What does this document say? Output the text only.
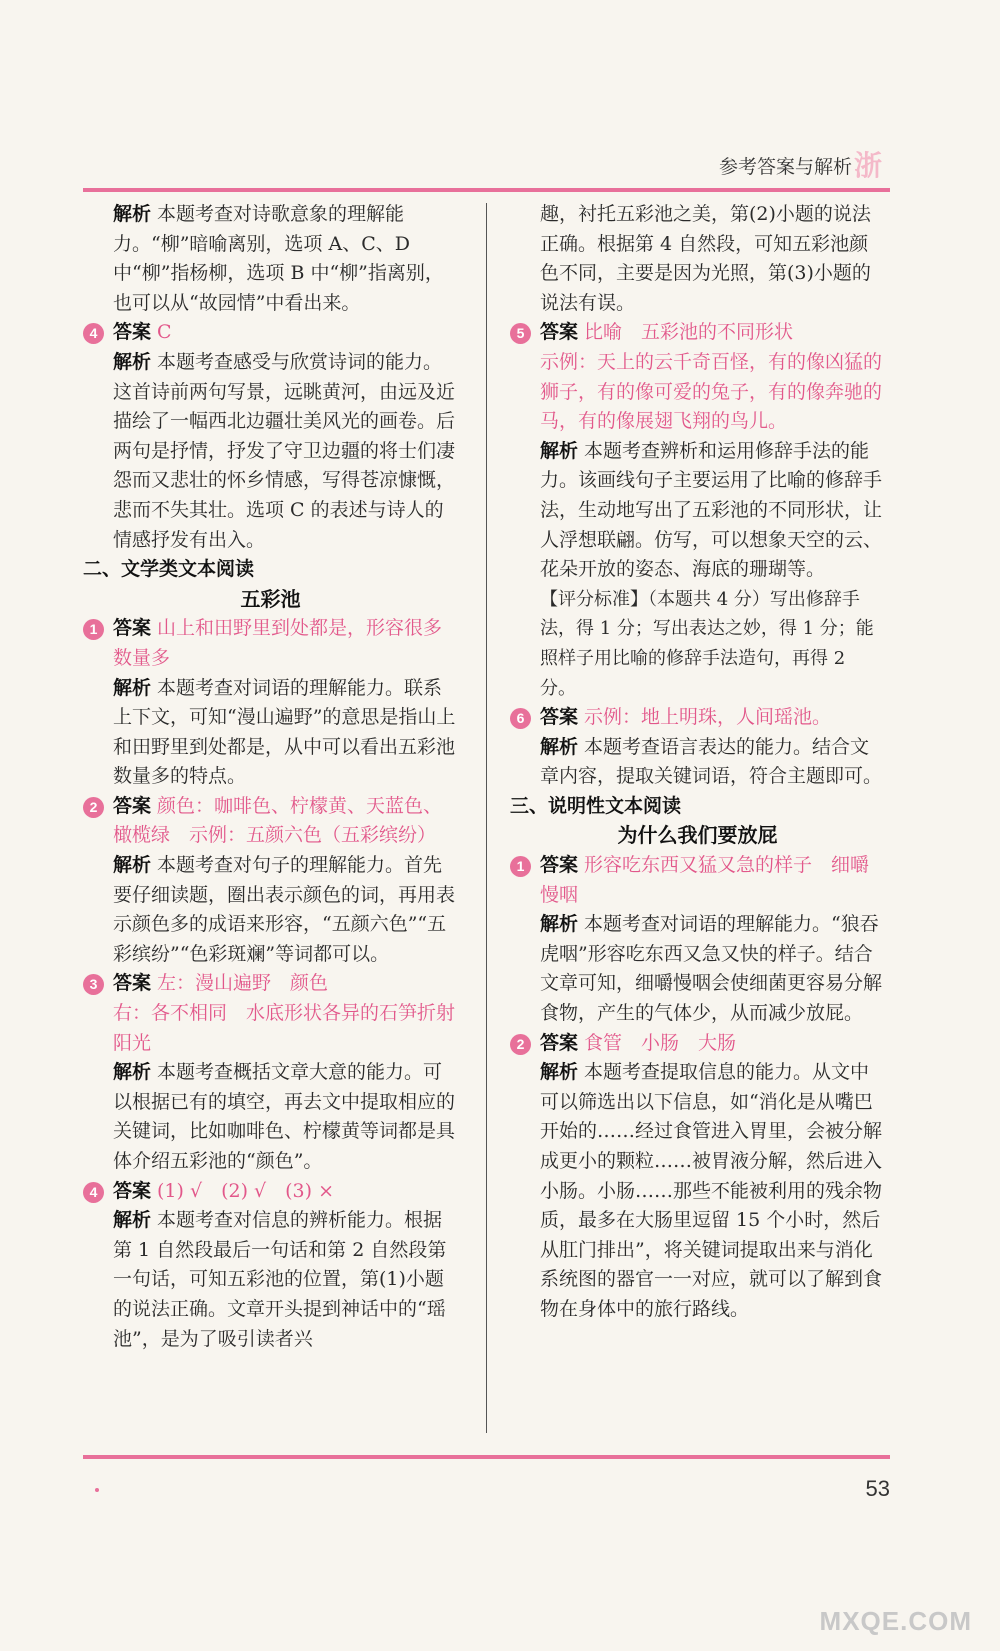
参考答案与解析 浙
解析 本题考查对诗歌意象的理解能力。“柳”暗喻离别，选项 A、C、D 中“柳”指杨柳，选项 B 中“柳”指离别，也可以从“故园情”中看出来。
4 答案 C
解析 本题考查感受与欣赏诗词的能力。这首诗前两句写景，远眺黄河，由远及近描绘了一幅西北边疆壮美风光的画卷。后两句是抒情，抒发了守卫边疆的将士们凄怨而又悲壮的怀乡情感，写得苍凉慷慨，悲而不失其壮。选项 C 的表述与诗人的情感抒发有出入。
二、文学类文本阅读
五彩池
1 答案 山上和田野里到处都是，形容很多　数量多
解析 本题考查对词语的理解能力。联系上下文，可知“漫山遍野”的意思是指山上和田野里到处都是，从中可以看出五彩池数量多的特点。
2 答案 颜色：咖啡色、柠檬黄、天蓝色、橄榄绿　示例：五颜六色（五彩缤纷）
解析 本题考查对句子的理解能力。首先要仔细读题，圈出表示颜色的词，再用表示颜色多的成语来形容，“五颜六色”“五彩缤纷”“色彩斑斓”等词都可以。
3 答案 左：漫山遍野　颜色
右：各不相同　水底形状各异的石笋折射阳光
解析 本题考查概括文章大意的能力。可以根据已有的填空，再去文中提取相应的关键词，比如咖啡色、柠檬黄等词都是具体介绍五彩池的“颜色”。
4 答案 (1) √　(2) √　(3) ×
解析 本题考查对信息的辨析能力。根据第 1 自然段最后一句话和第 2 自然段第一句话，可知五彩池的位置，第(1)小题的说法正确。文章开头提到神话中的“瑶池”，是为了吸引读者兴
趣，衬托五彩池之美，第(2)小题的说法正确。根据第 4 自然段，可知五彩池颜色不同，主要是因为光照，第(3)小题的说法有误。
5 答案 比喻　五彩池的不同形状
示例：天上的云千奇百怪，有的像凶猛的狮子，有的像可爱的兔子，有的像奔驰的马，有的像展翅飞翔的鸟儿。
解析 本题考查辨析和运用修辞手法的能力。该画线句子主要运用了比喻的修辞手法，生动地写出了五彩池的不同形状，让人浮想联翩。仿写，可以想象天空的云、花朵开放的姿态、海底的珊瑚等。
【评分标准】（本题共 4 分）写出修辞手法，得 1 分；写出表达之妙，得 1 分；能照样子用比喻的修辞手法造句，再得 2 分。
6 答案 示例：地上明珠，人间瑶池。
解析 本题考查语言表达的能力。结合文章内容，提取关键词语，符合主题即可。
三、说明性文本阅读
为什么我们要放屁
1 答案 形容吃东西又猛又急的样子　细嚼慢咽
解析 本题考查对词语的理解能力。“狼吞虎咽”形容吃东西又急又快的样子。结合文章可知，细嚼慢咽会使细菌更容易分解食物，产生的气体少，从而减少放屁。
2 答案 食管　小肠　大肠
解析 本题考查提取信息的能力。从文中可以筛选出以下信息，如“消化是从嘴巴开始的……经过食管进入胃里，会被分解成更小的颗粒……被胃液分解，然后进入小肠。小肠……那些不能被利用的残余物质，最多在大肠里逗留 15 个小时，然后从肛门排出”，将关键词提取出来与消化系统图的器官一一对应，就可以了解到食物在身体中的旅行路线。
53
MXQE.COM
